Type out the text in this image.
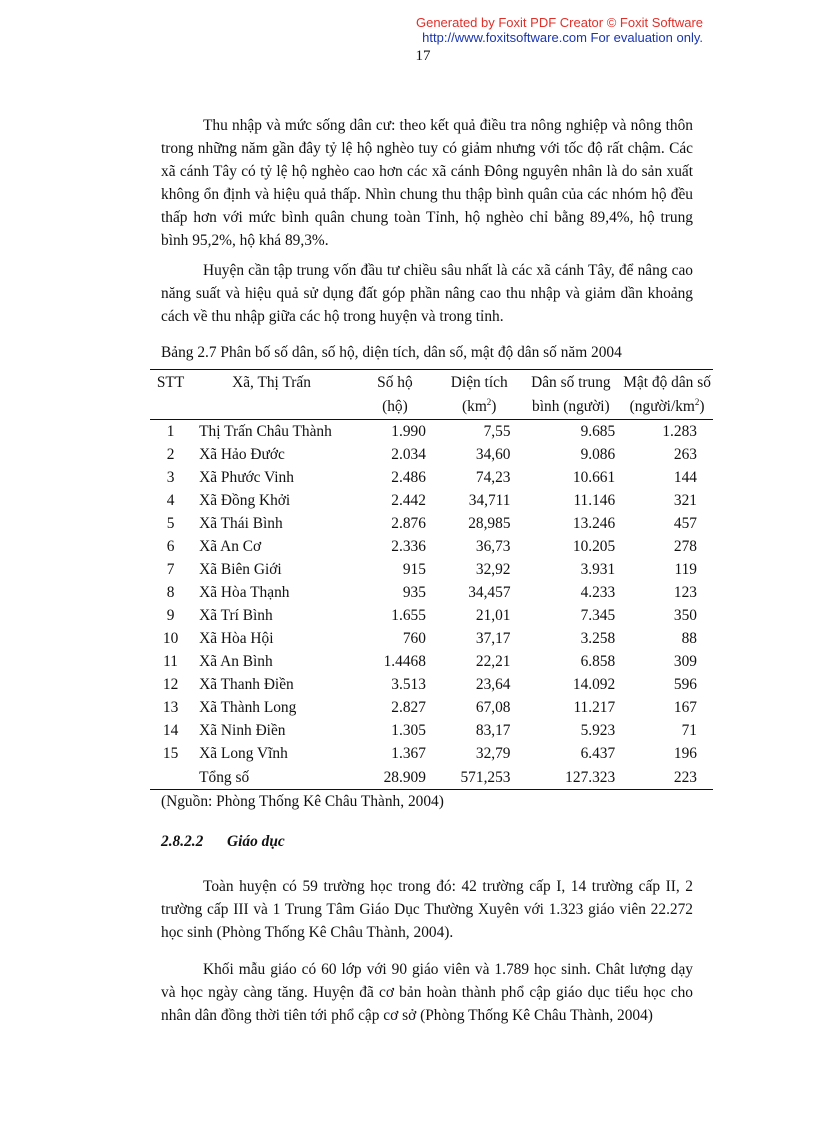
Generated by Foxit PDF Creator © Foxit Software
http://www.foxitsoftware.com For evaluation only.
17

Thu nhập và mức sống dân cư: theo kết quả điều tra nông nghiệp và nông thôn trong những năm gần đây tỷ lệ hộ nghèo tuy có giảm nhưng với tốc độ rất chậm. Các xã cánh Tây có tỷ lệ hộ nghèo cao hơn các xã cánh Đông nguyên nhân là do sản xuất không ổn định và hiệu quả thấp. Nhìn chung thu thập bình quân của các nhóm hộ đều thấp hơn với mức bình quân chung toàn Tỉnh, hộ nghèo chỉ bằng 89,4%, hộ trung bình 95,2%, hộ khá 89,3%.

Huyện cần tập trung vốn đầu tư chiều sâu nhất là các xã cánh Tây, để nâng cao năng suất và hiệu quả sử dụng đất góp phần nâng cao thu nhập và giảm dần khoảng cách về thu nhập giữa các hộ trong huyện và trong tỉnh.

Bảng 2.7 Phân bố số dân, số hộ, diện tích, dân số, mật độ dân số năm 2004

STT	Xã, Thị Trấn	Số hộ	Diện tích	Dân số trung	Mật độ dân số
		(hộ)	$(km^2)$	bình (người)	$(người/km^2)$
1	Thị Trấn Châu Thành	1.990	7,55	9.685	1.283
2	Xã Hảo Đước	2.034	34,60	9.086	263
3	Xã Phước Vinh	2.486	74,23	10.661	144
4	Xã Đồng Khởi	2.442	34,711	11.146	321
5	Xã Thái Bình	2.876	28,985	13.246	457
6	Xã An Cơ	2.336	36,73	10.205	278
7	Xã Biên Giới	915	32,92	3.931	119
8	Xã Hòa Thạnh	935	34,457	4.233	123
9	Xã Trí Bình	1.655	21,01	7.345	350
10	Xã Hòa Hội	760	37,17	3.258	88
11	Xã An Bình	1.4468	22,21	6.858	309
12	Xã Thanh Điền	3.513	23,64	14.092	596
13	Xã Thành Long	2.827	67,08	11.217	167
14	Xã Ninh Điền	1.305	83,17	5.923	71
15	Xã Long Vĩnh	1.367	32,79	6.437	196
	Tổng số	28.909	571,253	127.323	223

(Nguồn: Phòng Thống Kê Châu Thành, 2004)

2.8.2.2 Giáo dục

Toàn huyện có 59 trường học trong đó: 42 trường cấp I, 14 trường cấp II, 2 trường cấp III và 1 Trung Tâm Giáo Dục Thường Xuyên với 1.323 giáo viên 22.272 học sinh (Phòng Thống Kê Châu Thành, 2004).

Khối mẫu giáo có 60 lớp với 90 giáo viên và 1.789 học sinh. Chât lượng dạy và học ngày càng tăng. Huyện đã cơ bản hoàn thành phổ cập giáo dục tiểu học cho nhân dân đồng thời tiên tới phổ cập cơ sở (Phòng Thống Kê Châu Thành, 2004)
